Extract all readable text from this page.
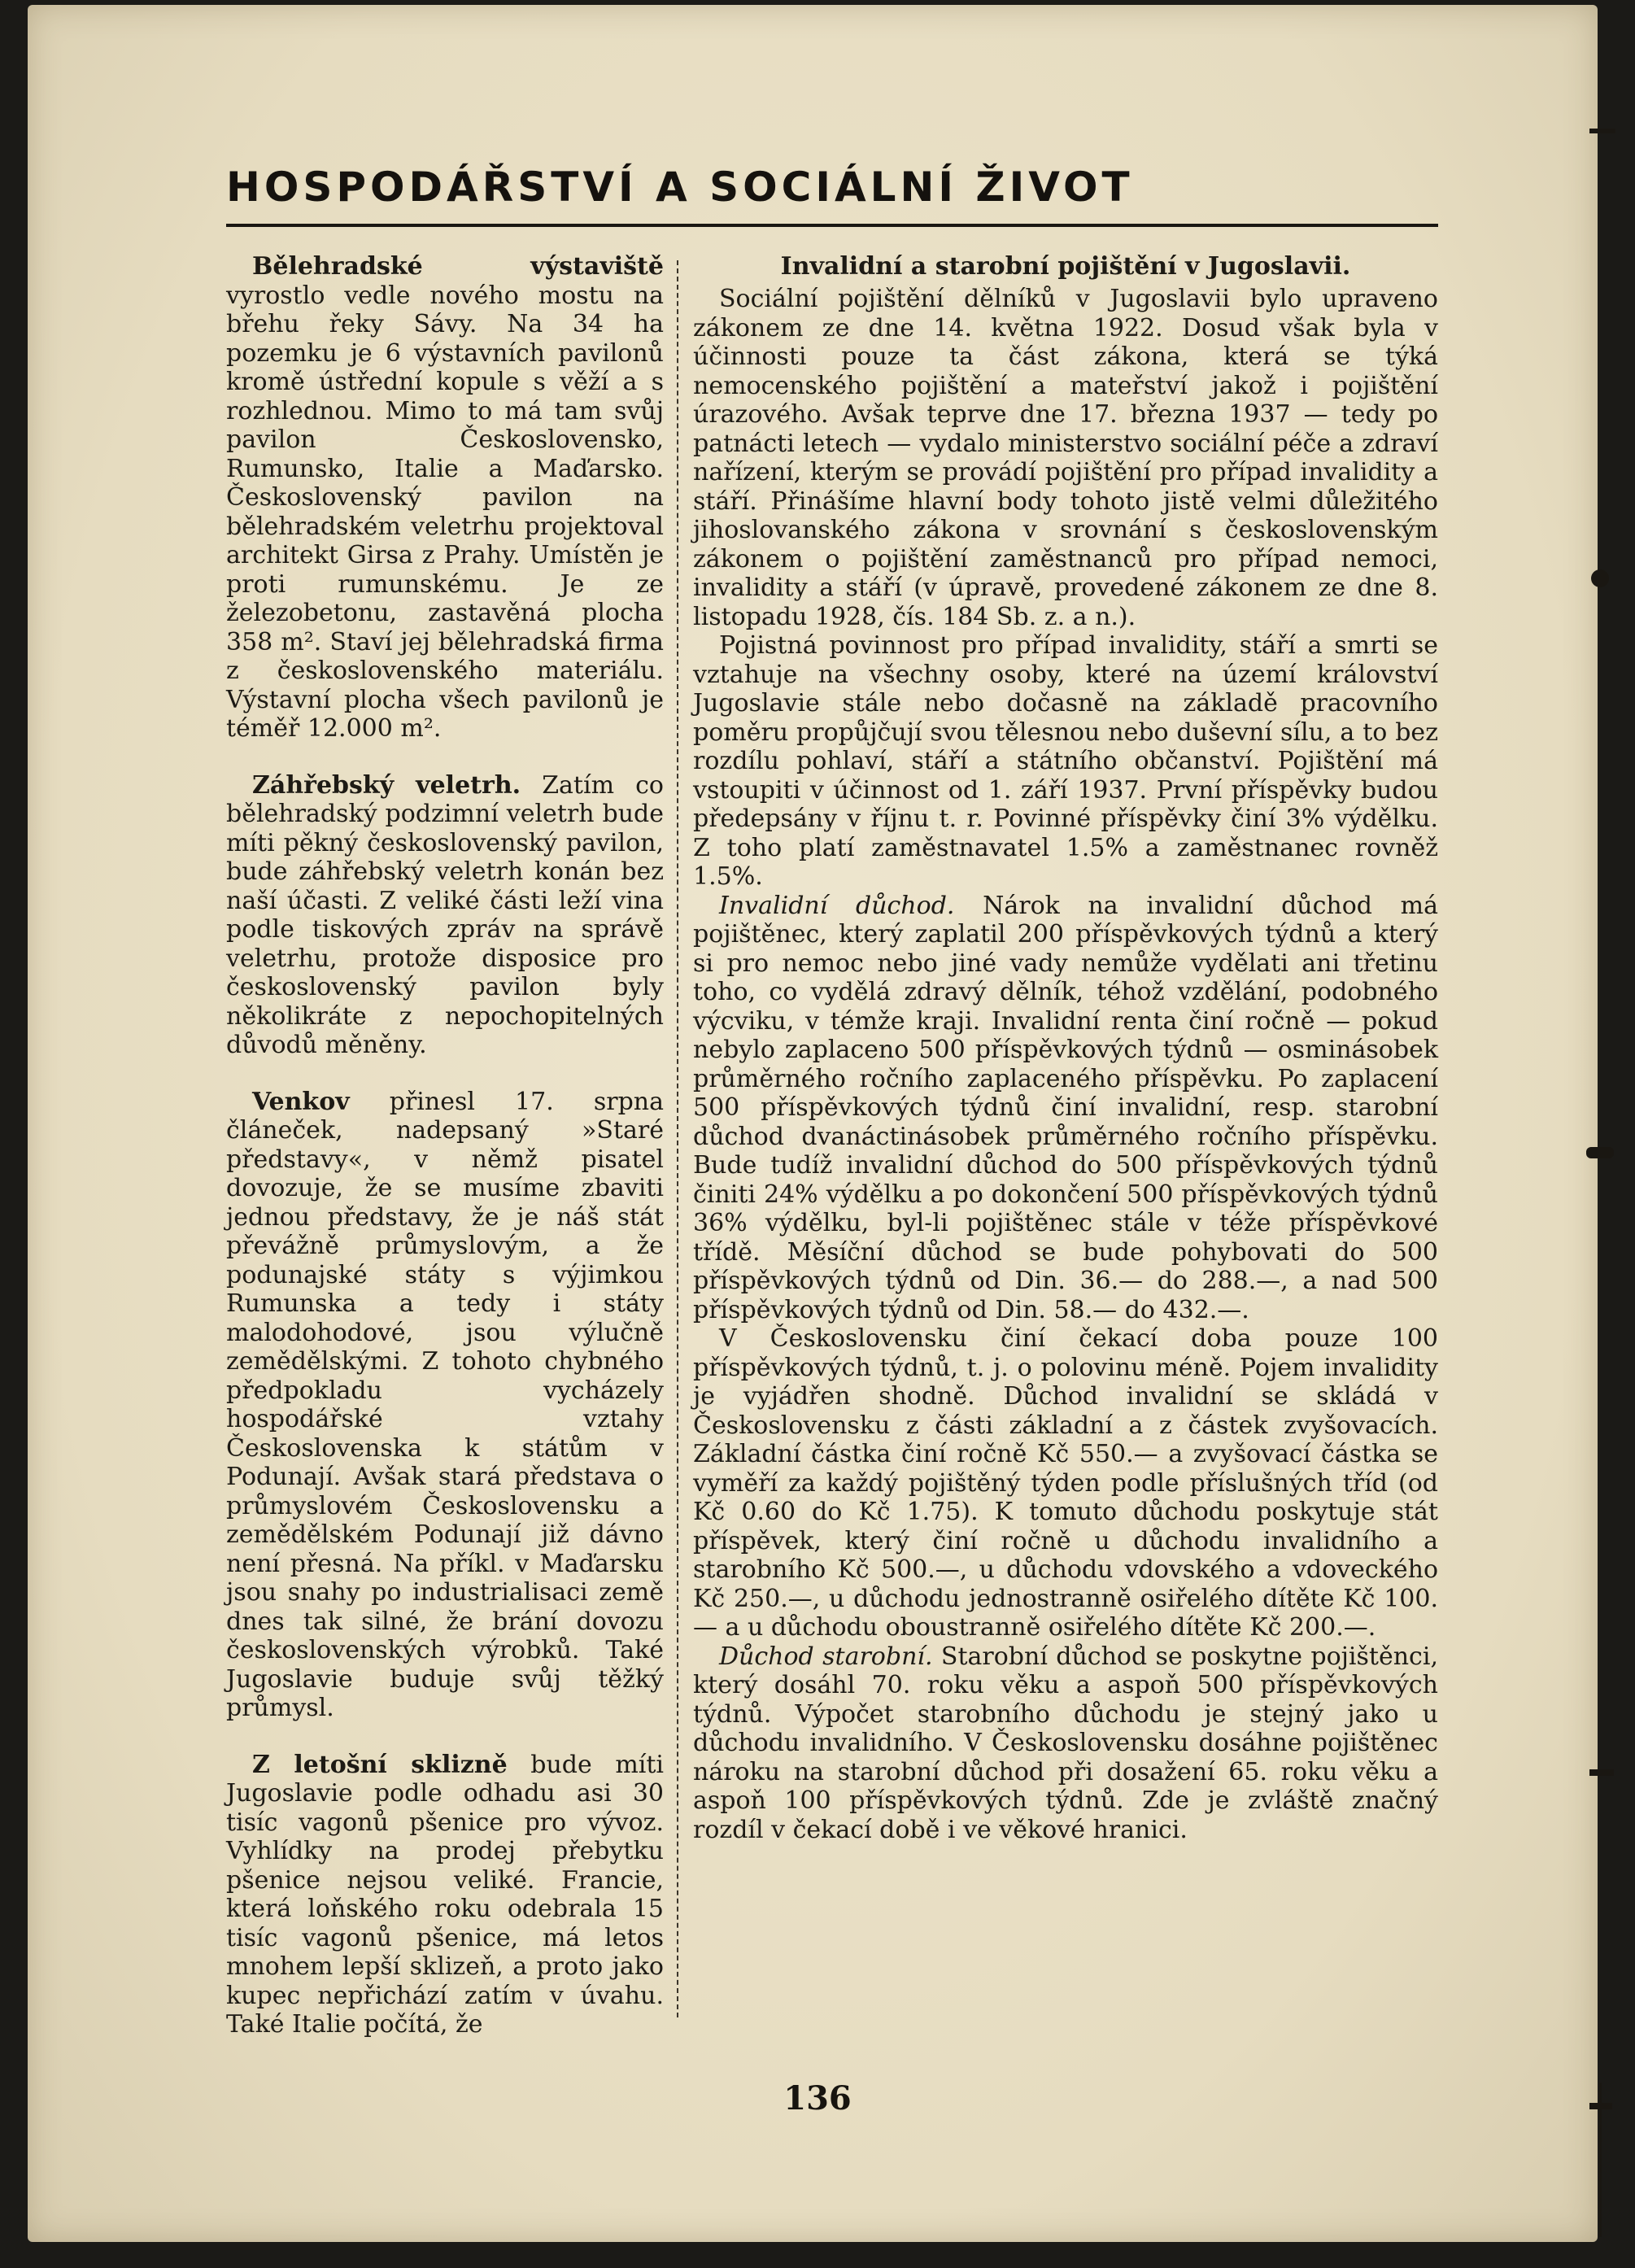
HOSPODÁŘSTVÍ A SOCIÁLNÍ ŽIVOT

Bělehradské výstaviště vyrostlo vedle nového mostu na břehu řeky Sávy. Na 34 ha pozemku je 6 výstavních pavilonů kromě ústřední kopule s věží a s rozhlednou. Mimo to má tam svůj pavilon Československo, Rumunsko, Italie a Maďarsko. Československý pavilon na bělehradském veletrhu projektoval architekt Girsa z Prahy. Umístěn je proti rumunskému. Je ze železobetonu, zastavěná plocha 358 m². Staví jej bělehradská firma z československého materiálu. Výstavní plocha všech pavilonů je téměř 12.000 m².

Záhřebský veletrh. Zatím co bělehradský podzimní veletrh bude míti pěkný československý pavilon, bude záhřebský veletrh konán bez naší účasti. Z veliké části leží vina podle tiskových zpráv na správě veletrhu, protože disposice pro československý pavilon byly několikráte z nepochopitelných důvodů měněny.

Venkov přinesl 17. srpna článeček, nadepsaný »Staré představy«, v němž pisatel dovozuje, že se musíme zbaviti jednou představy, že je náš stát převážně průmyslovým, a že podunajské státy s výjimkou Rumunska a tedy i státy malodohodové, jsou výlučně zemědělskými. Z tohoto chybného předpokladu vycházely hospodářské vztahy Československa k státům v Podunají. Avšak stará představa o průmyslovém Československu a zemědělském Podunají již dávno není přesná. Na příkl. v Maďarsku jsou snahy po industrialisaci země dnes tak silné, že brání dovozu československých výrobků. Také Jugoslavie buduje svůj těžký průmysl.

Z letošní sklizně bude míti Jugoslavie podle odhadu asi 30 tisíc vagonů pšenice pro vývoz. Vyhlídky na prodej přebytku pšenice nejsou veliké. Francie, která loňského roku odebrala 15 tisíc vagonů pšenice, má letos mnohem lepší sklizeň, a proto jako kupec nepřichází zatím v úvahu. Také Italie počítá, že

Invalidní a starobní pojištění v Jugoslavii.

Sociální pojištění dělníků v Jugoslavii bylo upraveno zákonem ze dne 14. května 1922. Dosud však byla v účinnosti pouze ta část zákona, která se týká nemocenského pojištění a mateřství jakož i pojištění úrazového. Avšak teprve dne 17. března 1937 — tedy po patnácti letech — vydalo ministerstvo sociální péče a zdraví nařízení, kterým se provádí pojištění pro případ invalidity a stáří. Přinášíme hlavní body tohoto jistě velmi důležitého jihoslovanského zákona v srovnání s československým zákonem o pojištění zaměstnanců pro případ nemoci, invalidity a stáří (v úpravě, provedené zákonem ze dne 8. listopadu 1928, čís. 184 Sb. z. a n.).

Pojistná povinnost pro případ invalidity, stáří a smrti se vztahuje na všechny osoby, které na území království Jugoslavie stále nebo dočasně na základě pracovního poměru propůjčují svou tělesnou nebo duševní sílu, a to bez rozdílu pohlaví, stáří a státního občanství. Pojištění má vstoupiti v účinnost od 1. září 1937. První příspěvky budou předepsány v říjnu t. r. Povinné příspěvky činí 3% výdělku. Z toho platí zaměstnavatel 1.5% a zaměstnanec rovněž 1.5%.

Invalidní důchod. Nárok na invalidní důchod má pojištěnec, který zaplatil 200 příspěvkových týdnů a který si pro nemoc nebo jiné vady nemůže vydělati ani třetinu toho, co vydělá zdravý dělník, téhož vzdělání, podobného výcviku, v témže kraji. Invalidní renta činí ročně — pokud nebylo zaplaceno 500 příspěvkových týdnů — osminásobek průměrného ročního zaplaceného příspěvku. Po zaplacení 500 příspěvkových týdnů činí invalidní, resp. starobní důchod dvanáctinásobek průměrného ročního příspěvku. Bude tudíž invalidní důchod do 500 příspěvkových týdnů činiti 24% výdělku a po dokončení 500 příspěvkových týdnů 36% výdělku, byl-li pojištěnec stále v téže příspěvkové třídě. Měsíční důchod se bude pohybovati do 500 příspěvkových týdnů od Din. 36.— do 288.—, a nad 500 příspěvkových týdnů od Din. 58.— do 432.—.

V Československu činí čekací doba pouze 100 příspěvkových týdnů, t. j. o polovinu méně. Pojem invalidity je vyjádřen shodně. Důchod invalidní se skládá v Československu z části základní a z částek zvyšovacích. Základní částka činí ročně Kč 550.— a zvyšovací částka se vyměří za každý pojištěný týden podle příslušných tříd (od Kč 0.60 do Kč 1.75). K tomuto důchodu poskytuje stát příspěvek, který činí ročně u důchodu invalidního a starobního Kč 500.—, u důchodu vdovského a vdoveckého Kč 250.—, u důchodu jednostranně osiřelého dítěte Kč 100.— a u důchodu oboustranně osiřelého dítěte Kč 200.—.

Důchod starobní. Starobní důchod se poskytne pojištěnci, který dosáhl 70. roku věku a aspoň 500 příspěvkových týdnů. Výpočet starobního důchodu je stejný jako u důchodu invalidního. V Československu dosáhne pojištěnec nároku na starobní důchod při dosažení 65. roku věku a aspoň 100 příspěvkových týdnů. Zde je zvláště značný rozdíl v čekací době i ve věkové hranici.

136
